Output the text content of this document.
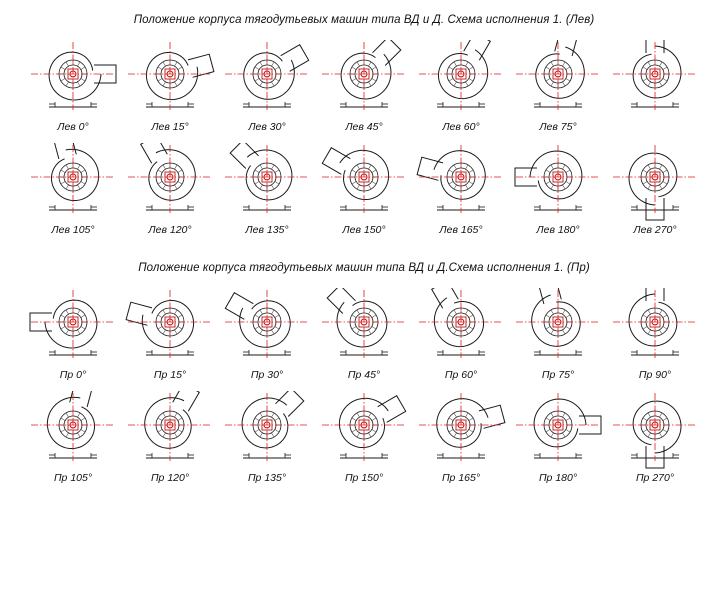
Положение корпуса тягодутьевых машин типа ВД и Д. Схема исполнения 1. (Лев)
Лев 0°	Лев 15°	Лев 30°	Лев 45°	Лев 60°	Лев 75°
Лев 105°	Лев 120°	Лев 135°	Лев 150°	Лев 165°	Лев 180°	Лев 270°
Положение корпуса тягодутьевых машин типа ВД и Д.Схема исполнения 1. (Пр)
Пр 0°	Пр 15°	Пр 30°	Пр 45°	Пр 60°	Пр 75°	Пр 90°
Пр 105°	Пр 120°	Пр 135°	Пр 150°	Пр 165°	Пр 180°	Пр 270°
